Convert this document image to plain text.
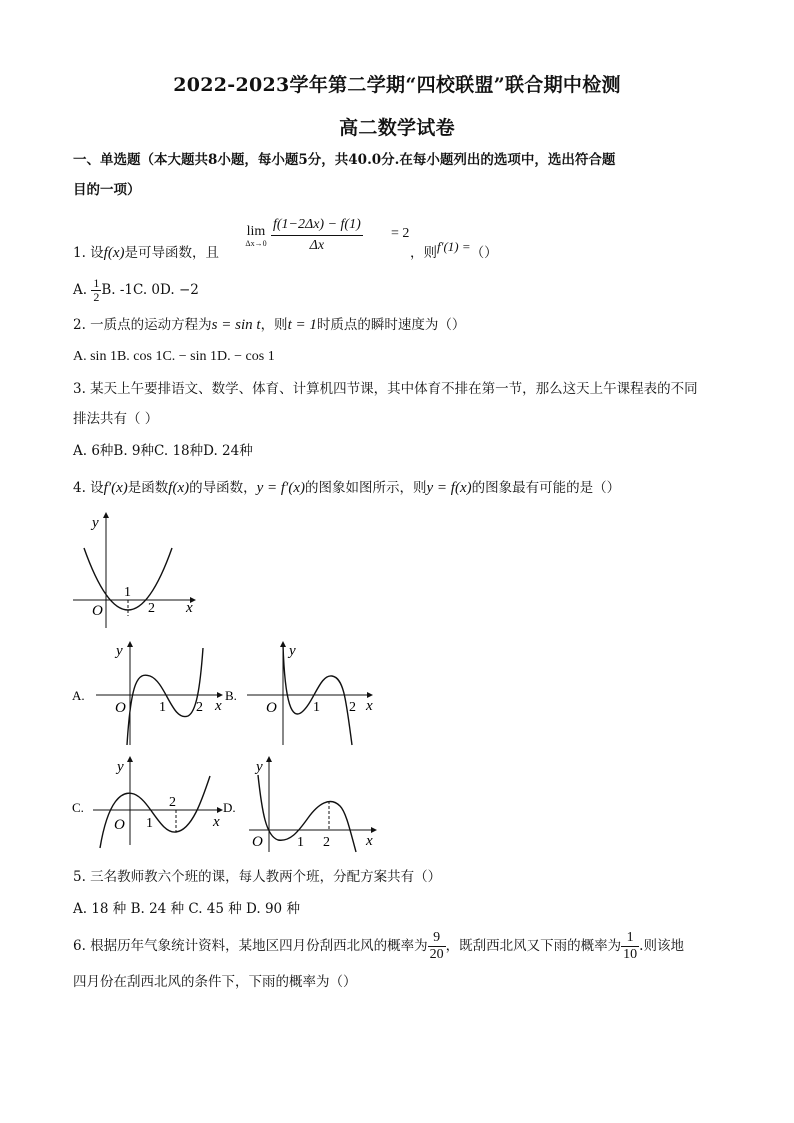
2022-2023学年第二学期“四校联盟”联合期中检测
高二数学试卷
一、单选题（本大题共8小题，每小题5分，共40.0分.在每小题列出的选项中，选出符合题
目的一项）
1. 设f(x)是可导函数，且
lim
$\Delta x\to 0 \frac{f(1-2\Delta x) - f(1)}{\Delta x} = 2$
，则f′(1) =（）
A. $\frac{1}{2} B$. -1C. 0D. −2
2. 一质点的运动方程为s = sin t，则t = 1时质点的瞬时速度为（）
A. sin 1B. cos 1C. − sin 1D. − cos 1
3. 某天上午要排语文、数学、体育、计算机四节课，其中体育不排在第一节，那么这天上午课程表的不同
排法共有（ ）
A. 6种B. 9种C. 18种D. 24种
4. 设f′(x)是函数f(x)的导函数，y = f′(x)的图象如图所示，则y = f(x)的图象最有可能的是（）
y
x
O
1
2
A.
y
x
O 1 2
B.
y
x
O	1 2
C.
y
x
O 1
2	D.
y
x
O 1 2
5. 三名教师教六个班的课，每人教两个班，分配方案共有（）
A. 18 种 B. 24 种 C. 45 种 D. 90 种
6. 根据历年气象统计资料，某地区四月份刮西北风的概率为 $\frac{9}{20}$ ，既刮西北风又下雨的概率为 $\frac{1}{10}$ .则该地
四月份在刮西北风的条件下，下雨的概率为（）
